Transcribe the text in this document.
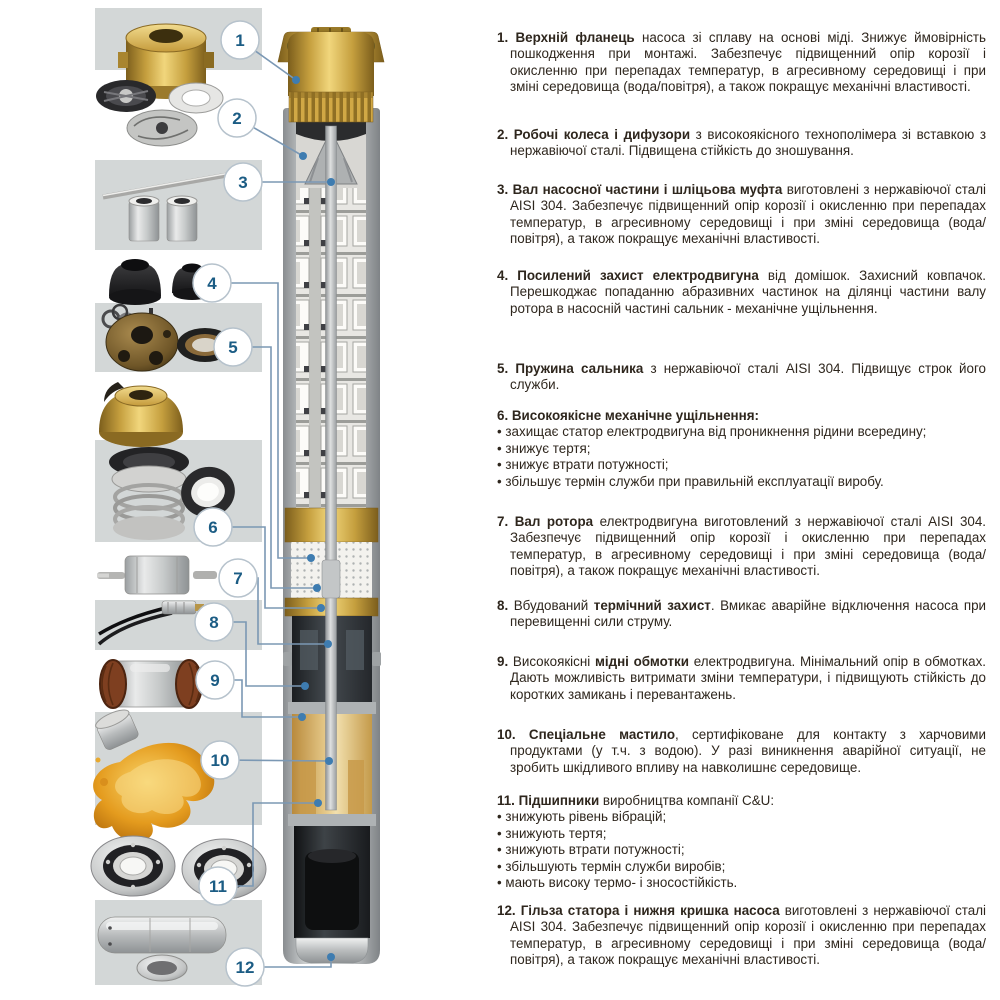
1
2
3
4
5
6
7
8
9
10
11
12

1. Верхній фланець насоса зі сплаву на основі міді. Знижує ймовірність пошкодження при монтажі. Забезпечує підвищенний опір корозії і окисленню при перепадах температур, в агресивному середовищі і при зміні середовища (вода/повітря), а також покращує механічні властивості.

2. Робочі колеса і дифузори з високоякісного технополімера зі вставкою з нержавіючої сталі. Підвищена стійкість до зношування.

3. Вал насосної частини і шліцьова муфта виготовлені з нержавіючої сталі AISI 304. Забезпечує підвищенний опір корозії і окисленню при перепадах температур, в агресивному середовищі і при зміні середовища (вода/повітря), а також покращує механічні властивості.

4. Посилений захист електродвигуна від домішок. Захисний ковпачок. Перешкоджає попаданню абразивних частинок на ділянці частини валу ротора в насосній частині сальник - механічне ущільнення.

5. Пружина сальника з нержавіючої сталі AISI 304. Підвищує строк його служби.

6. Високоякісне механічне ущільнення:

• захищає статор електродвигуна від проникнення рідини всередину;
• знижує тертя;
• знижує втрати потужності;
• збільшує термін служби при правильній експлуатації виробу.

7. Вал ротора електродвигуна виготовлений з нержавіючої сталі AISI 304. Забезпечує підвищенний опір корозії і окисленню при перепадах температур, в агресивному середовищі і при зміні середовища (вода/повітря), а також покращує механічні властивості.

8. Вбудований термічний захист. Вмикає аварійне відключення насоса при перевищенні сили струму.

9. Високоякісні мідні обмотки електродвигуна. Мінімальний опір в обмотках. Дають можливість витримати зміни температури, і підвищують стійкість до коротких замикань і перевантажень.

10. Спеціальне мастило, сертифіковане для контакту з харчовими продуктами (у т.ч. з водою). У разі виникнення аварійної ситуації, не зробить шкідливого впливу на навколишнє середовище.

11. Підшипники виробництва компанії C&U:

• знижують рівень вібрацій;
• знижують тертя;
• знижують втрати потужності;
• збільшують термін служби виробів;
• мають високу термо- і зносостійкість.

12. Гільза статора і нижня кришка насоса виготовлені з нержавіючої сталі AISI 304. Забезпечує підвищенний опір корозії і окисленню при перепадах температур, в агресивному середовищі і при зміні середовища (вода/повітря), а також покращує механічні властивості.
